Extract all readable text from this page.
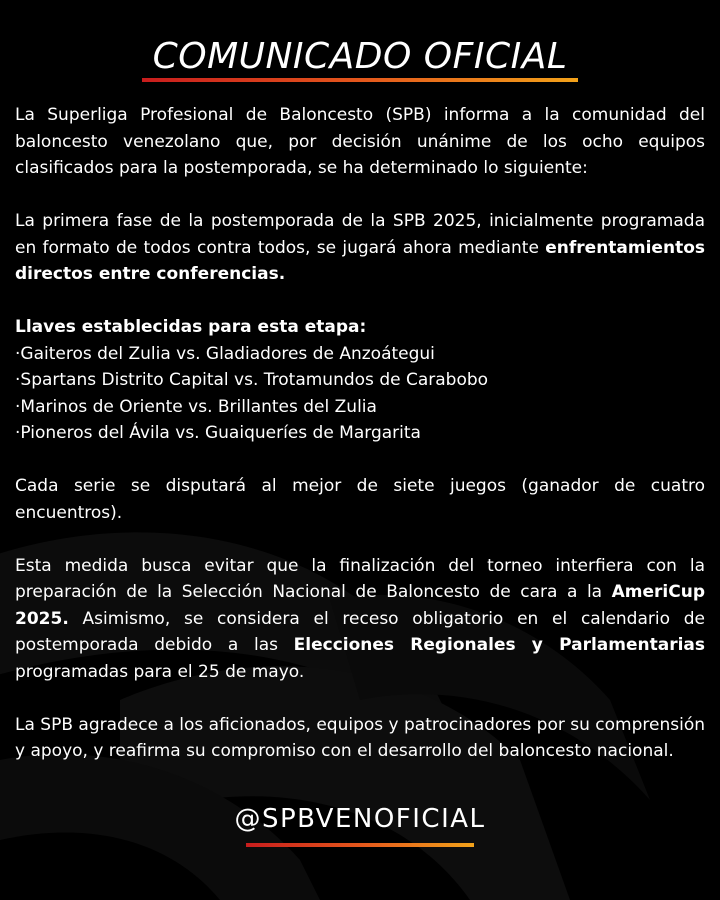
COMUNICADO OFICIAL

La Superliga Profesional de Baloncesto (SPB) informa a la comunidad del baloncesto venezolano que, por decisión unánime de los ocho equipos clasificados para la postemporada, se ha determinado lo siguiente:

La primera fase de la postemporada de la SPB 2025, inicialmente programada en formato de todos contra todos, se jugará ahora mediante enfrentamientos directos entre conferencias.

Llaves establecidas para esta etapa:
·Gaiteros del Zulia vs. Gladiadores de Anzoátegui
·Spartans Distrito Capital vs. Trotamundos de Carabobo
·Marinos de Oriente vs. Brillantes del Zulia
·Pioneros del Ávila vs. Guaiqueríes de Margarita

Cada serie se disputará al mejor de siete juegos (ganador de cuatro encuentros).

Esta medida busca evitar que la finalización del torneo interfiera con la preparación de la Selección Nacional de Baloncesto de cara a la AmeriCup 2025. Asimismo, se considera el receso obligatorio en el calendario de postemporada debido a las Elecciones Regionales y Parlamentarias programadas para el 25 de mayo.

La SPB agradece a los aficionados, equipos y patrocinadores por su comprensión y apoyo, y reafirma su compromiso con el desarrollo del baloncesto nacional.

@SPBVENOFICIAL
